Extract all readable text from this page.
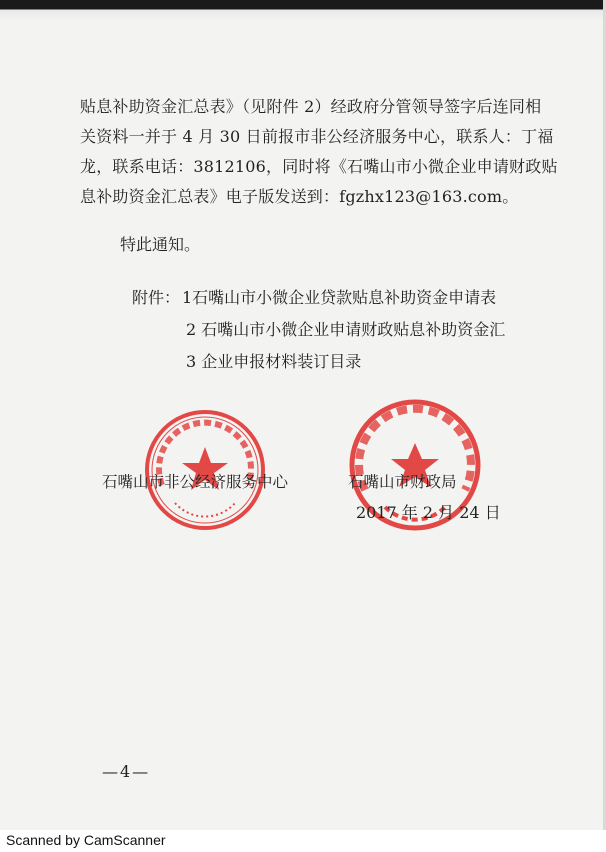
贴息补助资金汇总表》（见附件 2）经政府分管领导签字后连同相
关资料一并于 4 月 30 日前报市非公经济服务中心，联系人：丁福
龙，联系电话：3812106，同时将《石嘴山市小微企业申请财政贴
息补助资金汇总表》电子版发送到：fgzhx123@163.com。
特此通知。
附件： 1石嘴山市小微企业贷款贴息补助资金申请表
2 石嘴山市小微企业申请财政贴息补助资金汇
3 企业申报材料装订目录
石嘴山市非公经济服务中心	石嘴山市财政局
2017 年 2 月 24 日
—4—
Scanned by CamScanner
